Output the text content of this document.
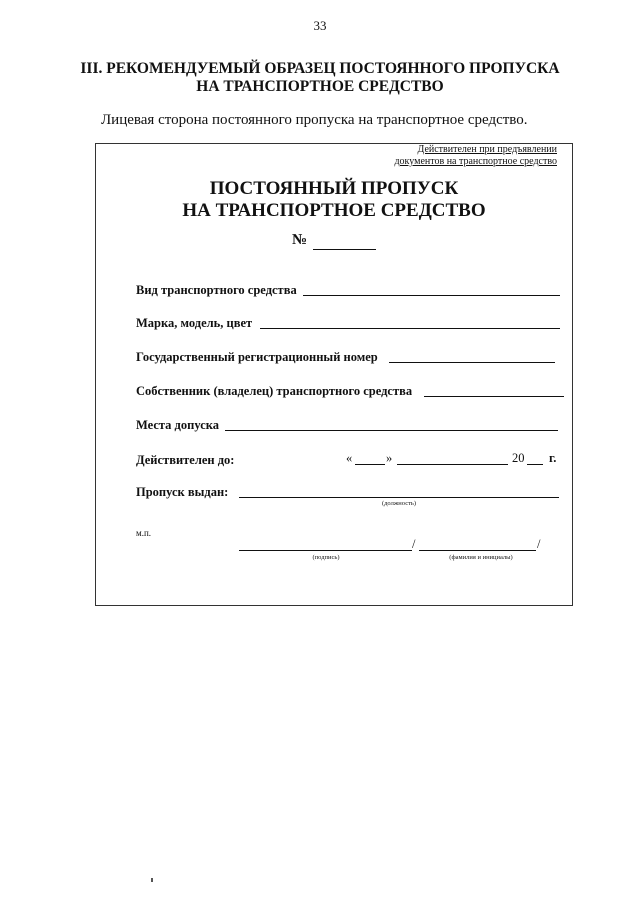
33
III. РЕКОМЕНДУЕМЫЙ ОБРАЗЕЦ ПОСТОЯННОГО ПРОПУСКА
НА ТРАНСПОРТНОЕ СРЕДСТВО
Лицевая сторона постоянного пропуска на транспортное средство.
Действителен при предъявлении
документов на транспортное средство
ПОСТОЯННЫЙ ПРОПУСК
НА ТРАНСПОРТНОЕ СРЕДСТВО
№
Вид транспортного средства
Марка, модель, цвет
Государственный регистрационный номер
Собственник (владелец) транспортного средства
Места допуска
Действителен до:	«	»	20 г.
Пропуск выдан:
(должность)
м.п.
/	/
(подпись)	(фамилия и инициалы)
